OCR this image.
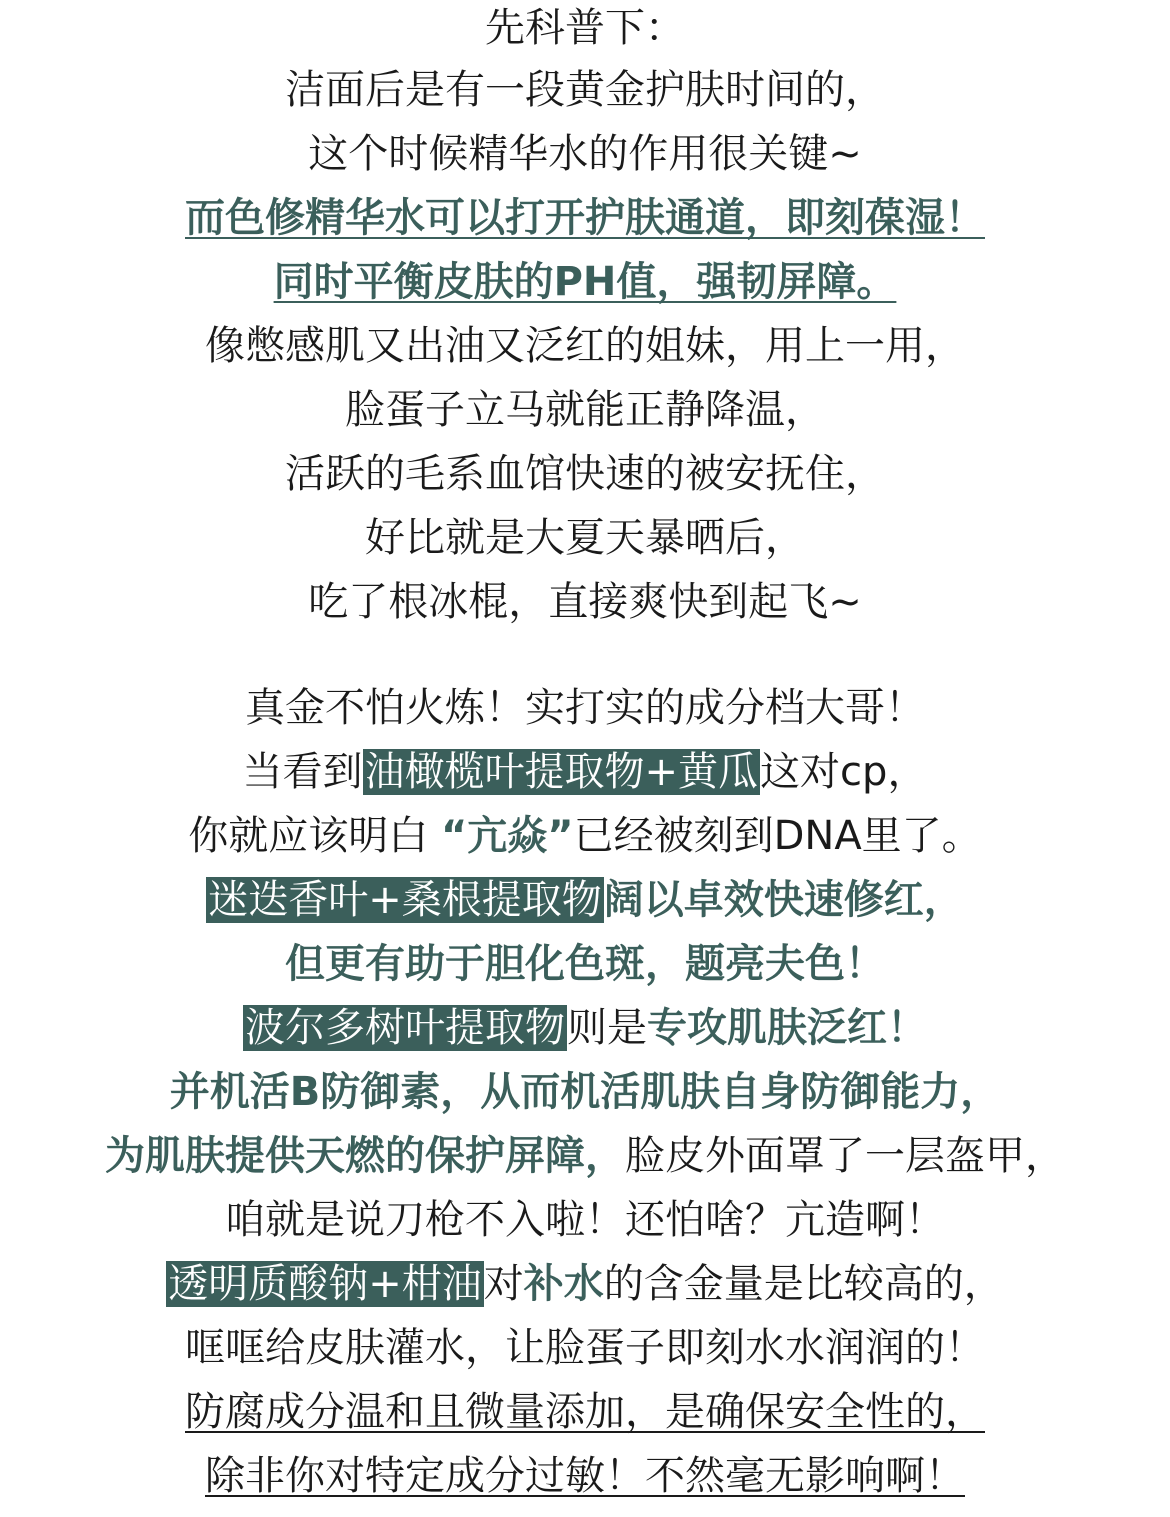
先科普下：
洁面后是有一段黄金护肤时间的，
这个时候精华水的作用很关键~
而色修精华水可以打开护肤通道，即刻葆湿！
同时平衡皮肤的PH值，强韧屏障。
像憋感肌又出油又泛红的姐妹，用上一用，
脸蛋子立马就能正静降温，
活跃的毛系血馆快速的被安抚住，
好比就是大夏天暴晒后，
吃了根冰棍，直接爽快到起飞~
真金不怕火炼！实打实的成分档大哥！
当看到油橄榄叶提取物+黄瓜这对cp，
你就应该明白 “亢焱”已经被刻到DNA里了。
迷迭香叶+桑根提取物阔以卓效快速修红，
但更有助于胆化色斑，题亮夫色！
波尔多树叶提取物则是专攻肌肤泛红！
并机活B防御素，从而机活肌肤自身防御能力，
为肌肤提供天燃的保护屏障，脸皮外面罩了一层盔甲，
咱就是说刀枪不入啦！还怕啥？亢造啊！
透明质酸钠+柑油对补水的含金量是比较高的，
哐哐给皮肤灌水，让脸蛋子即刻水水润润的！
防腐成分温和且微量添加，是确保安全性的，
除非你对特定成分过敏！不然毫无影响啊！
